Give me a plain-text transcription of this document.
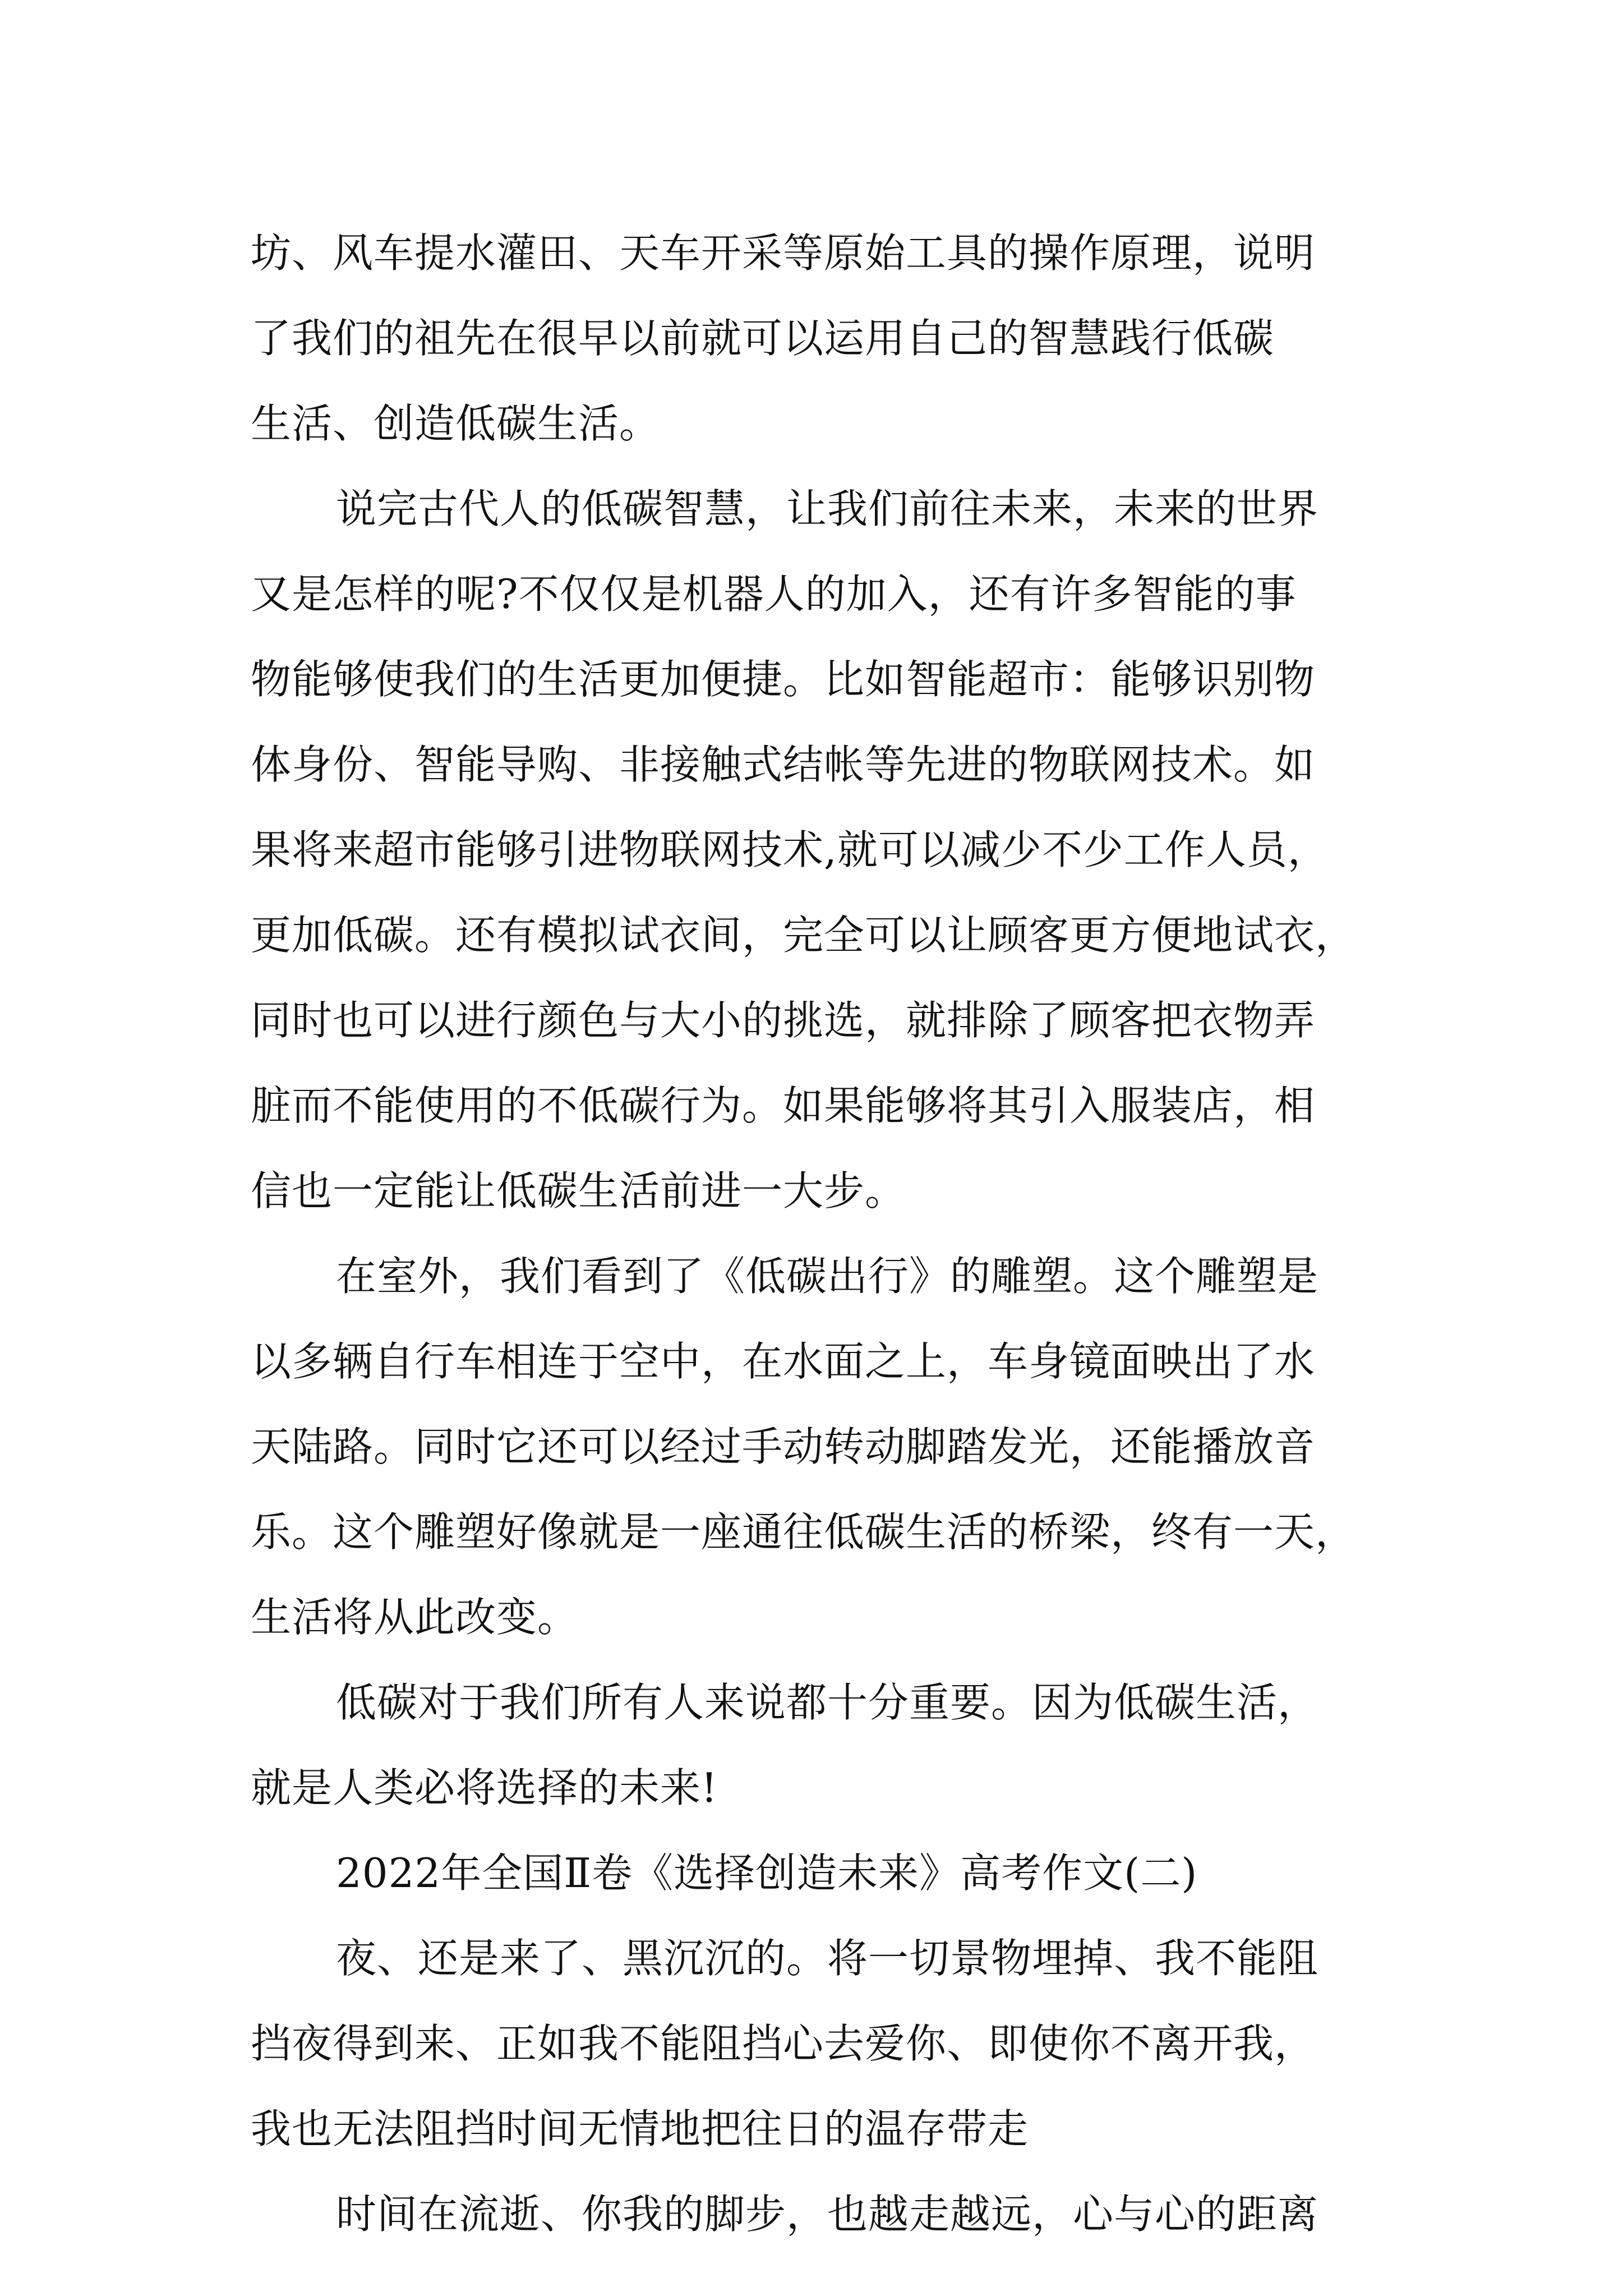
坊、风车提水灌田、天车开采等原始工具的操作原理，说明
了我们的祖先在很早以前就可以运用自己的智慧践行低碳
生活、创造低碳生活。
说完古代人的低碳智慧，让我们前往未来，未来的世界
又是怎样的呢?不仅仅是机器人的加入，还有许多智能的事
物能够使我们的生活更加便捷。比如智能超市：能够识别物
体身份、智能导购、非接触式结帐等先进的物联网技术。如
果将来超市能够引进物联网技术,就可以减少不少工作人员，
更加低碳。还有模拟试衣间，完全可以让顾客更方便地试衣，
同时也可以进行颜色与大小的挑选，就排除了顾客把衣物弄
脏而不能使用的不低碳行为。如果能够将其引入服装店，相
信也一定能让低碳生活前进一大步。
在室外，我们看到了《低碳出行》的雕塑。这个雕塑是
以多辆自行车相连于空中，在水面之上，车身镜面映出了水
天陆路。同时它还可以经过手动转动脚踏发光，还能播放音
乐。这个雕塑好像就是一座通往低碳生活的桥梁，终有一天，
生活将从此改变。
低碳对于我们所有人来说都十分重要。因为低碳生活，
就是人类必将选择的未来!
2022年全国Ⅱ卷《选择创造未来》高考作文(二)
夜、还是来了、黑沉沉的。将一切景物埋掉、我不能阻
挡夜得到来、正如我不能阻挡心去爱你、即使你不离开我，
我也无法阻挡时间无情地把往日的温存带走
时间在流逝、你我的脚步，也越走越远，心与心的距离
